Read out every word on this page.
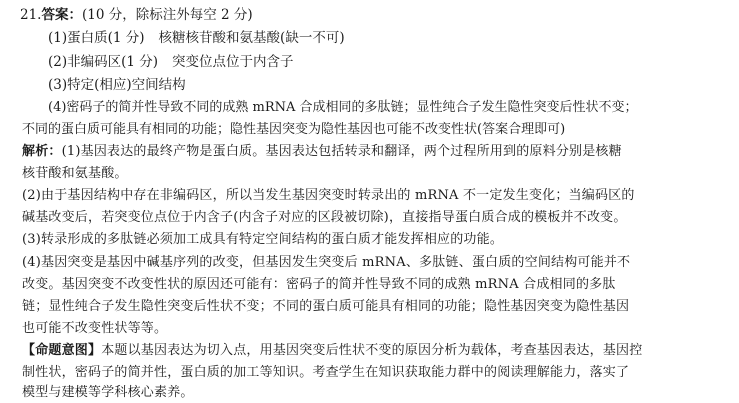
21.答案：(10 分，除标注外每空 2 分)
(1)蛋白质(1 分) 核糖核苷酸和氨基酸(缺一不可)
(2)非编码区(1 分) 突变位点位于内含子
(3)特定(相应)空间结构
(4)密码子的简并性导致不同的成熟 mRNA 合成相同的多肽链；显性纯合子发生隐性突变后性状不变；
不同的蛋白质可能具有相同的功能；隐性基因突变为隐性基因也可能不改变性状(答案合理即可)
解析：(1)基因表达的最终产物是蛋白质。基因表达包括转录和翻译，两个过程所用到的原料分别是核糖
核苷酸和氨基酸。
(2)由于基因结构中存在非编码区，所以当发生基因突变时转录出的 mRNA 不一定发生变化；当编码区的
碱基改变后，若突变位点位于内含子(内含子对应的区段被切除)，直接指导蛋白质合成的模板并不改变。
(3)转录形成的多肽链必须加工成具有特定空间结构的蛋白质才能发挥相应的功能。
(4)基因突变是基因中碱基序列的改变，但基因发生突变后 mRNA、多肽链、蛋白质的空间结构可能并不
改变。基因突变不改变性状的原因还可能有：密码子的简并性导致不同的成熟 mRNA 合成相同的多肽
链；显性纯合子发生隐性突变后性状不变；不同的蛋白质可能具有相同的功能；隐性基因突变为隐性基因
也可能不改变性状等等。
【命题意图】本题以基因表达为切入点，用基因突变后性状不变的原因分析为载体，考查基因表达，基因控
制性状，密码子的简并性，蛋白质的加工等知识。考查学生在知识获取能力群中的阅读理解能力，落实了
模型与建模等学科核心素养。
